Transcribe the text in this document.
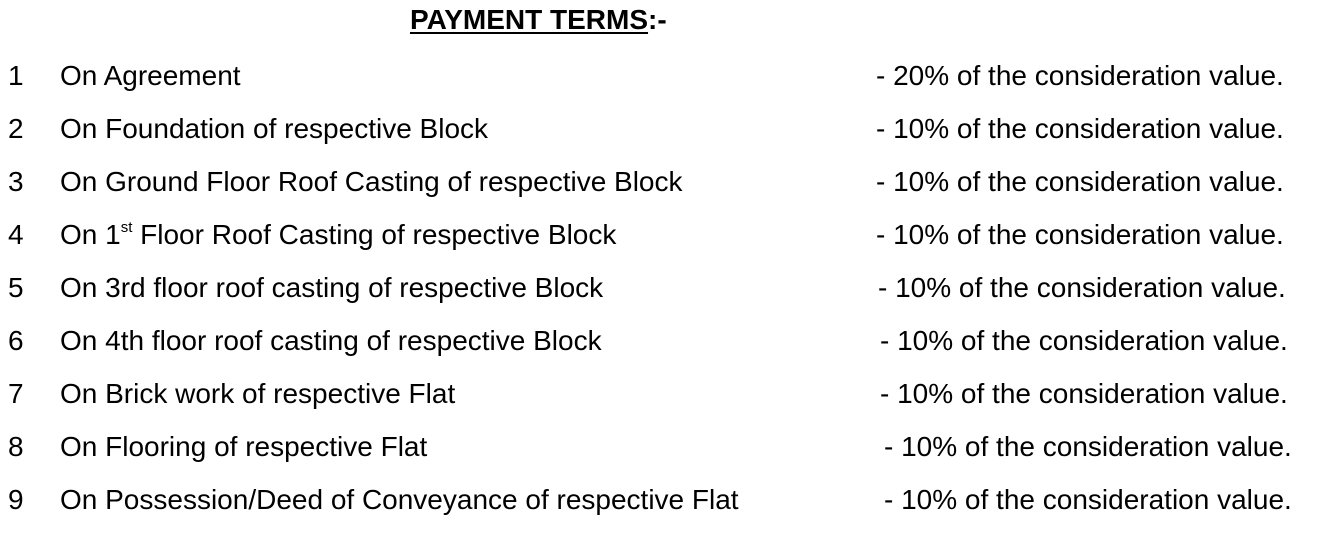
PAYMENT TERMS:-
1 On Agreement	- 20% of the consideration value.
2 On Foundation of respective Block	- 10% of the consideration value.
3 On Ground Floor Roof Casting of respective Block	- 10% of the consideration value.
4 On 1st Floor Roof Casting of respective Block	- 10% of the consideration value.
5 On 3rd floor roof casting of respective Block	- 10% of the consideration value.
6 On 4th floor roof casting of respective Block	- 10% of the consideration value.
7 On Brick work of respective Flat	- 10% of the consideration value.
8 On Flooring of respective Flat	- 10% of the consideration value.
9 On Possession/Deed of Conveyance of respective Flat	- 10% of the consideration value.
